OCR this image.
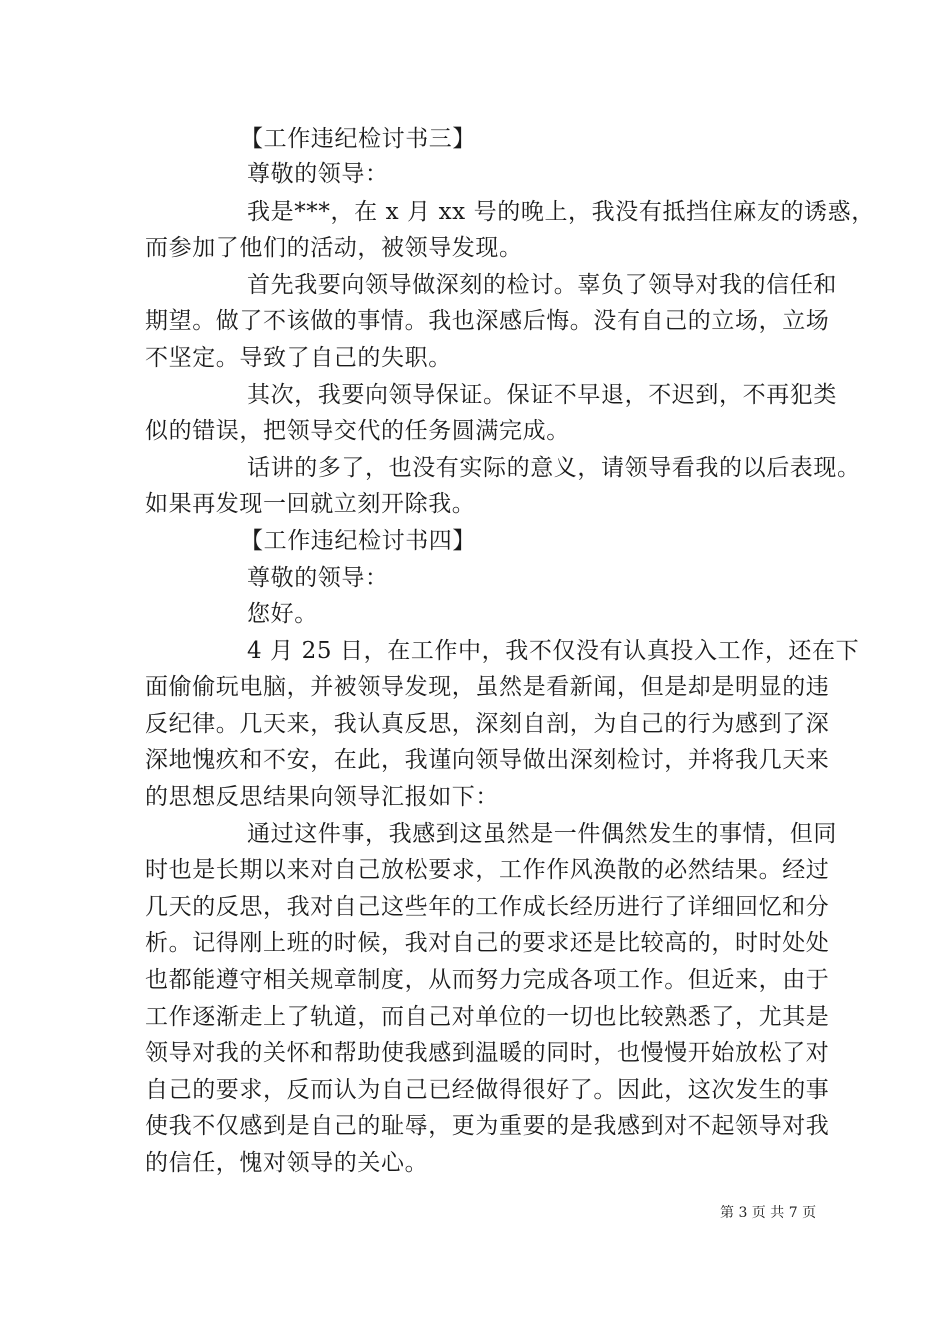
【工作违纪检讨书三】
尊敬的领导：
我是***，在 x 月 xx 号的晚上，我没有抵挡住麻友的诱惑，
而参加了他们的活动，被领导发现。
首先我要向领导做深刻的检讨。辜负了领导对我的信任和
期望。做了不该做的事情。我也深感后悔。没有自己的立场，立场
不坚定。导致了自己的失职。
其次，我要向领导保证。保证不早退，不迟到，不再犯类
似的错误，把领导交代的任务圆满完成。
话讲的多了，也没有实际的意义，请领导看我的以后表现。
如果再发现一回就立刻开除我。
【工作违纪检讨书四】
尊敬的领导：
您好。
4 月 25 日，在工作中，我不仅没有认真投入工作，还在下
面偷偷玩电脑，并被领导发现，虽然是看新闻，但是却是明显的违
反纪律。几天来，我认真反思，深刻自剖，为自己的行为感到了深
深地愧疚和不安，在此，我谨向领导做出深刻检讨，并将我几天来
的思想反思结果向领导汇报如下：
通过这件事，我感到这虽然是一件偶然发生的事情，但同
时也是长期以来对自己放松要求，工作作风涣散的必然结果。经过
几天的反思，我对自己这些年的工作成长经历进行了详细回忆和分
析。记得刚上班的时候，我对自己的要求还是比较高的，时时处处
也都能遵守相关规章制度，从而努力完成各项工作。但近来，由于
工作逐渐走上了轨道，而自己对单位的一切也比较熟悉了，尤其是
领导对我的关怀和帮助使我感到温暖的同时，也慢慢开始放松了对
自己的要求，反而认为自己已经做得很好了。因此，这次发生的事
使我不仅感到是自己的耻辱，更为重要的是我感到对不起领导对我
的信任，愧对领导的关心。
第 3 页 共 7 页
